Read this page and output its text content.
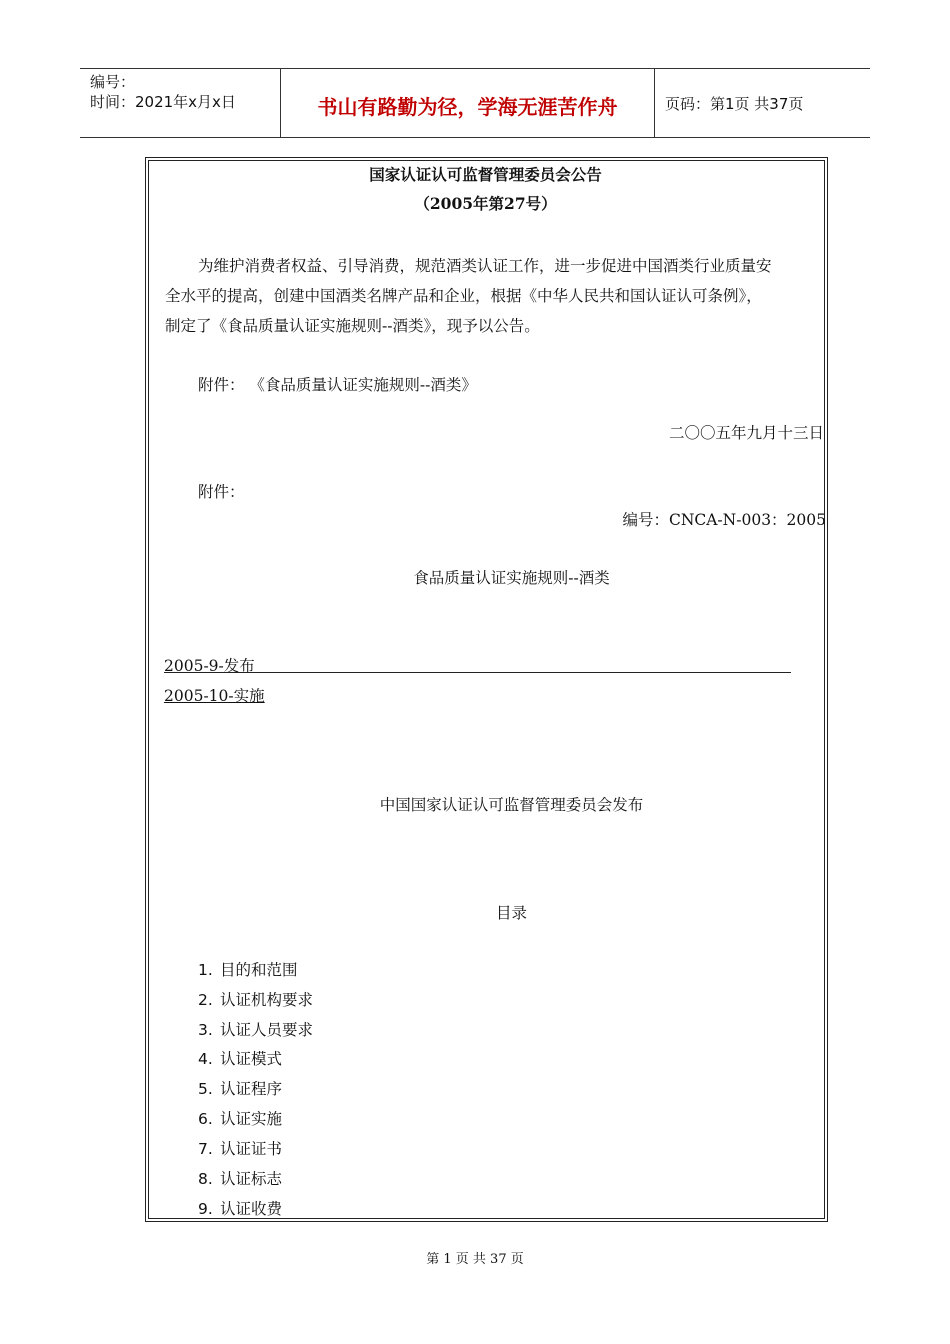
编号：
时间：2021年x月x日	书山有路勤为径，学海无涯苦作舟	页码：第1页 共37页
国家认证认可监督管理委员会公告
（2005年第27号）
为维护消费者权益、引导消费，规范酒类认证工作，进一步促进中国酒类行业质量安
全水平的提高，创建中国酒类名牌产品和企业，根据《中华人民共和国认证认可条例》，
制定了《食品质量认证实施规则--酒类》，现予以公告。
附件： 《食品质量认证实施规则--酒类》
二〇〇五年九月十三日
附件：
编号：CNCA-N-003：2005
食品质量认证实施规则--酒类
2005-9-发布
2005-10-实施
中国国家认证认可监督管理委员会发布
目录
1. 目的和范围
2. 认证机构要求
3. 认证人员要求
4. 认证模式
5. 认证程序
6. 认证实施
7. 认证证书
8. 认证标志
9. 认证收费
第 1 页 共 37 页
